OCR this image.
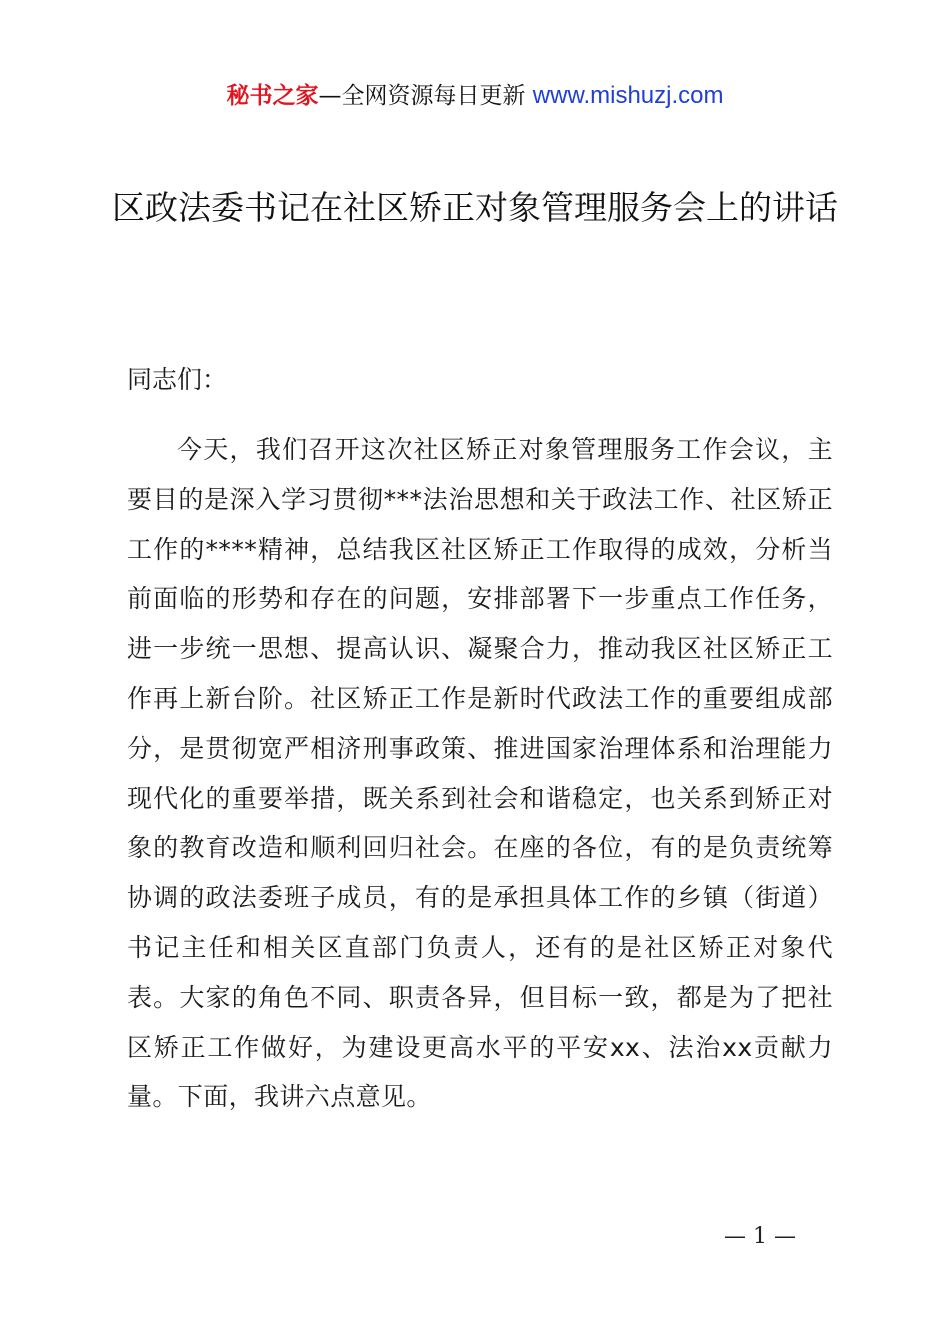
秘书之家—全网资源每日更新 www.mishuzj.com
区政法委书记在社区矫正对象管理服务会上的讲话

同志们：

今天，我们召开这次社区矫正对象管理服务工作会议，主要目的是深入学习贯彻***法治思想和关于政法工作、社区矫正工作的****精神，总结我区社区矫正工作取得的成效，分析当前面临的形势和存在的问题，安排部署下一步重点工作任务，进一步统一思想、提高认识、凝聚合力，推动我区社区矫正工作再上新台阶。社区矫正工作是新时代政法工作的重要组成部分，是贯彻宽严相济刑事政策、推进国家治理体系和治理能力现代化的重要举措，既关系到社会和谐稳定，也关系到矫正对象的教育改造和顺利回归社会。在座的各位，有的是负责统筹协调的政法委班子成员，有的是承担具体工作的乡镇（街道）书记主任和相关区直部门负责人，还有的是社区矫正对象代表。大家的角色不同、职责各异，但目标一致，都是为了把社区矫正工作做好，为建设更高水平的平安xx、法治xx贡献力量。下面，我讲六点意见。

— 1 —
